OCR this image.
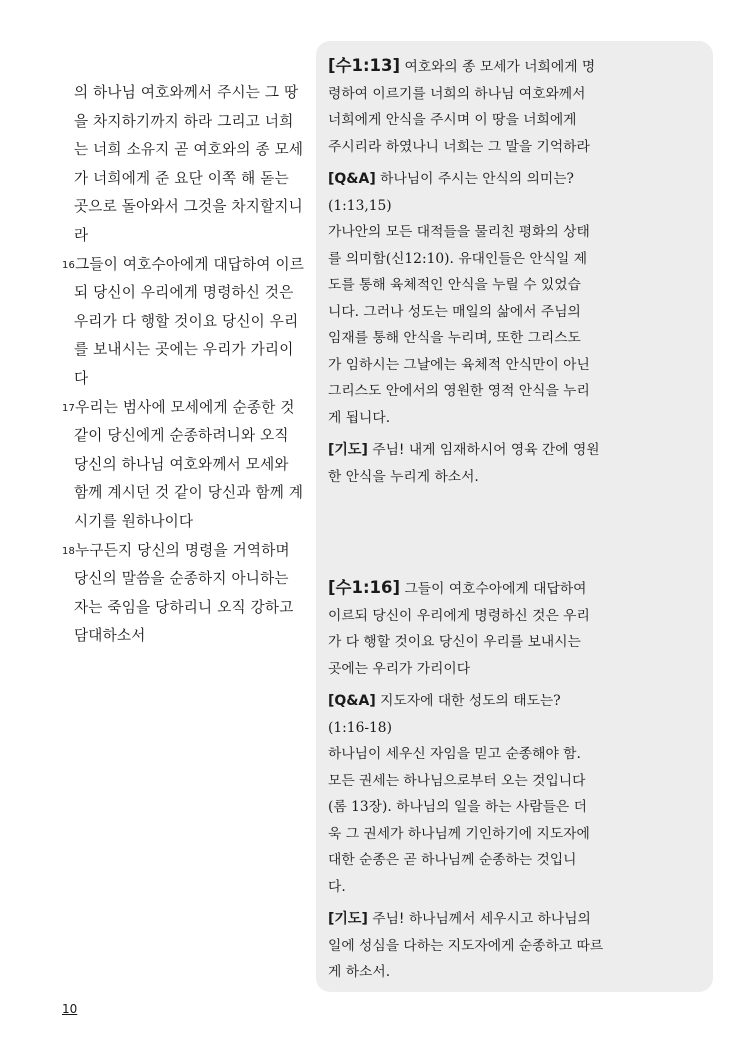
의 하나님 여호와께서 주시는 그 땅
을 차지하기까지 하라 그리고 너희
는 너희 소유지 곧 여호와의 종 모세
가 너희에게 준 요단 이쪽 해 돋는
곳으로 돌아와서 그것을 차지할지니
라
$^{16}$그들이 여호수아에게 대답하여 이르
되 당신이 우리에게 명령하신 것은
우리가 다 행할 것이요 당신이 우리
를 보내시는 곳에는 우리가 가리이
다
$^{17}$우리는 범사에 모세에게 순종한 것
같이 당신에게 순종하려니와 오직
당신의 하나님 여호와께서 모세와
함께 계시던 것 같이 당신과 함께 계
시기를 원하나이다
$^{18}$누구든지 당신의 명령을 거역하며
당신의 말씀을 순종하지 아니하는
자는 죽임을 당하리니 오직 강하고
담대하소서
[수1:13] 여호와의 종 모세가 너희에게 명
령하여 이르기를 너희의 하나님 여호와께서
너희에게 안식을 주시며 이 땅을 너희에게
주시리라 하였나니 너희는 그 말을 기억하라
[Q&A] 하나님이 주시는 안식의 의미는?
(1:13,15)
가나안의 모든 대적들을 물리친 평화의 상태
를 의미함(신12:10). 유대인들은 안식일 제
도를 통해 육체적인 안식을 누릴 수 있었습
니다. 그러나 성도는 매일의 삶에서 주님의
임재를 통해 안식을 누리며, 또한 그리스도
가 임하시는 그날에는 육체적 안식만이 아닌
그리스도 안에서의 영원한 영적 안식을 누리
게 됩니다.
[기도] 주님! 내게 임재하시어 영육 간에 영원
한 안식을 누리게 하소서.
[수1:16] 그들이 여호수아에게 대답하여
이르되 당신이 우리에게 명령하신 것은 우리
가 다 행할 것이요 당신이 우리를 보내시는
곳에는 우리가 가리이다
[Q&A] 지도자에 대한 성도의 태도는?
(1:16-18)
하나님이 세우신 자임을 믿고 순종해야 함.
모든 권세는 하나님으로부터 오는 것입니다
(롬 13장). 하나님의 일을 하는 사람들은 더
욱 그 권세가 하나님께 기인하기에 지도자에
대한 순종은 곧 하나님께 순종하는 것입니
다.
[기도] 주님! 하나님께서 세우시고 하나님의
일에 성심을 다하는 지도자에게 순종하고 따르
게 하소서.
10
